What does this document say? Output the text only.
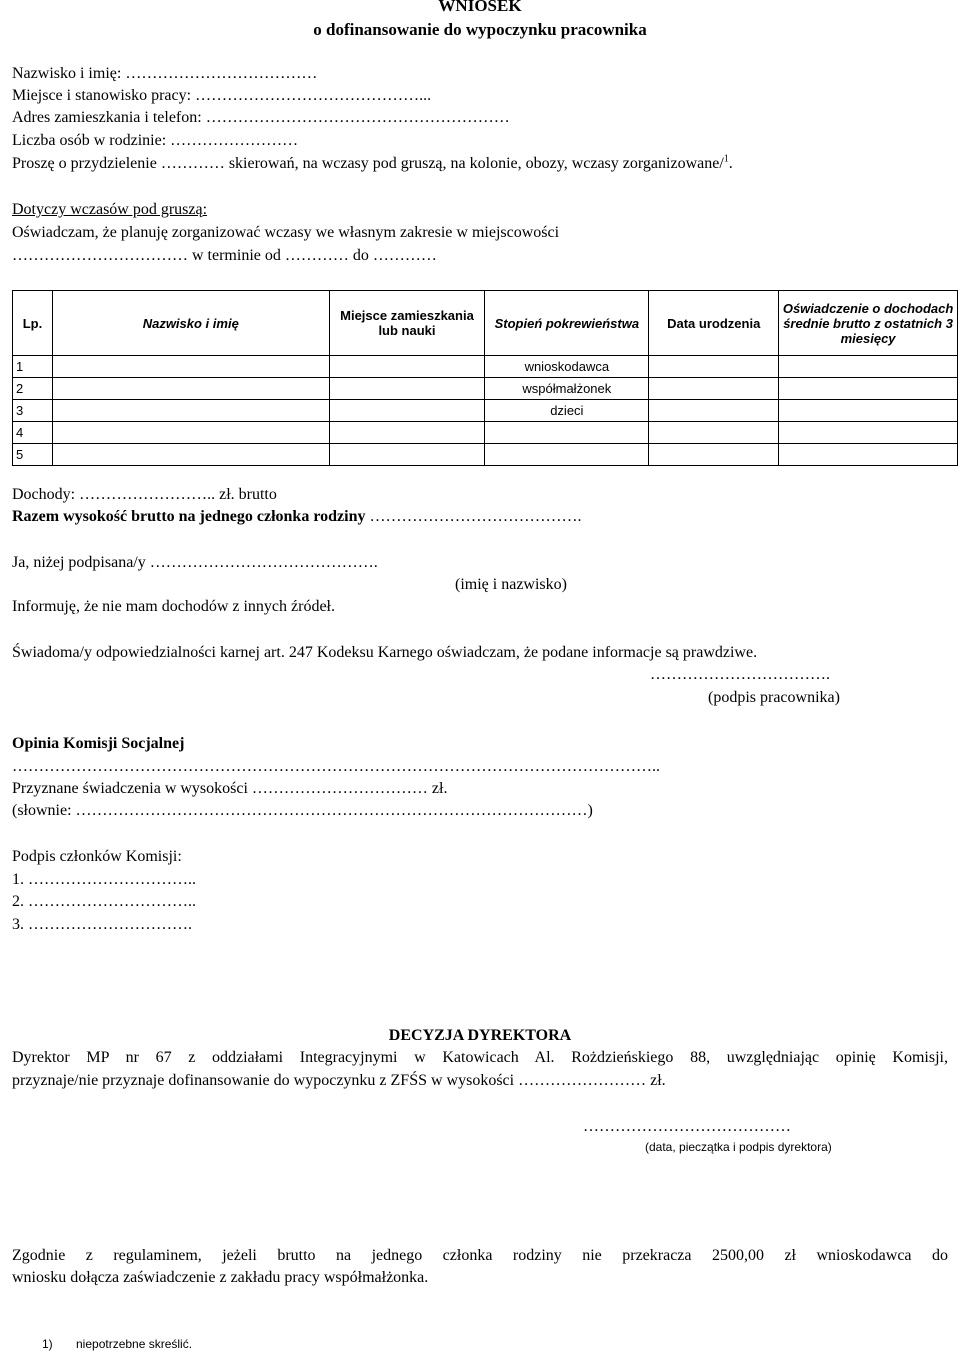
WNIOSEK
o dofinansowanie do wypoczynku pracownika
Nazwisko i imię: ………………………………
Miejsce i stanowisko pracy: ……………………………………...
Adres zamieszkania i telefon: …………………………………………………
Liczba osób w rodzinie: ……………………
Proszę o przydzielenie ………… skierowań, na wczasy pod gruszą, na kolonie, obozy, wczasy zorganizowane/$^1$.
Dotyczy wczasów pod gruszą:
Oświadczam, że planuję zorganizować wczasy we własnym zakresie w miejscowości
…………………………… w terminie od ………… do …………
Lp.	Nazwisko i imię	Miejsce zamieszkania lub nauki	Stopień pokrewieństwa	Data urodzenia	Oświadczenie o dochodach średnie brutto z ostatnich 3 miesięcy
1			wnioskodawca		
2			współmałżonek		
3			dzieci		
4					
5					
Dochody: …………………….. zł. brutto
Razem wysokość brutto na jednego członka rodziny ………………………………….
Ja, niżej podpisana/y …………………………………….
(imię i nazwisko)
Informuję, że nie mam dochodów z innych źródeł.
Świadoma/y odpowiedzialności karnej art. 247 Kodeksu Karnego oświadczam, że podane informacje są prawdziwe.
…………………………….
(podpis pracownika)
Opinia Komisji Socjalnej
…………………………………………………………………………………………………………..
Przyznane świadczenia w wysokości …………………………… zł.
(słownie: ……………………………………………………………………………………)
Podpis członków Komisji:
1. …………………………..
2. …………………………..
3. ………………………….
DECYZJA DYREKTORA
Dyrektor MP nr 67 z oddziałami Integracyjnymi w Katowicach Al. Rożdzieńskiego 88, uwzględniając opinię Komisji,
przyznaje/nie przyznaje dofinansowanie do wypoczynku z ZFŚS w wysokości …………………… zł.
…………………………………
(data, pieczątka i podpis dyrektora)
Zgodnie z regulaminem, jeżeli brutto na jednego członka rodziny nie przekracza 2500,00 zł wnioskodawca do
wniosku dołącza zaświadczenie z zakładu pracy współmałżonka.
1) niepotrzebne skreślić.
